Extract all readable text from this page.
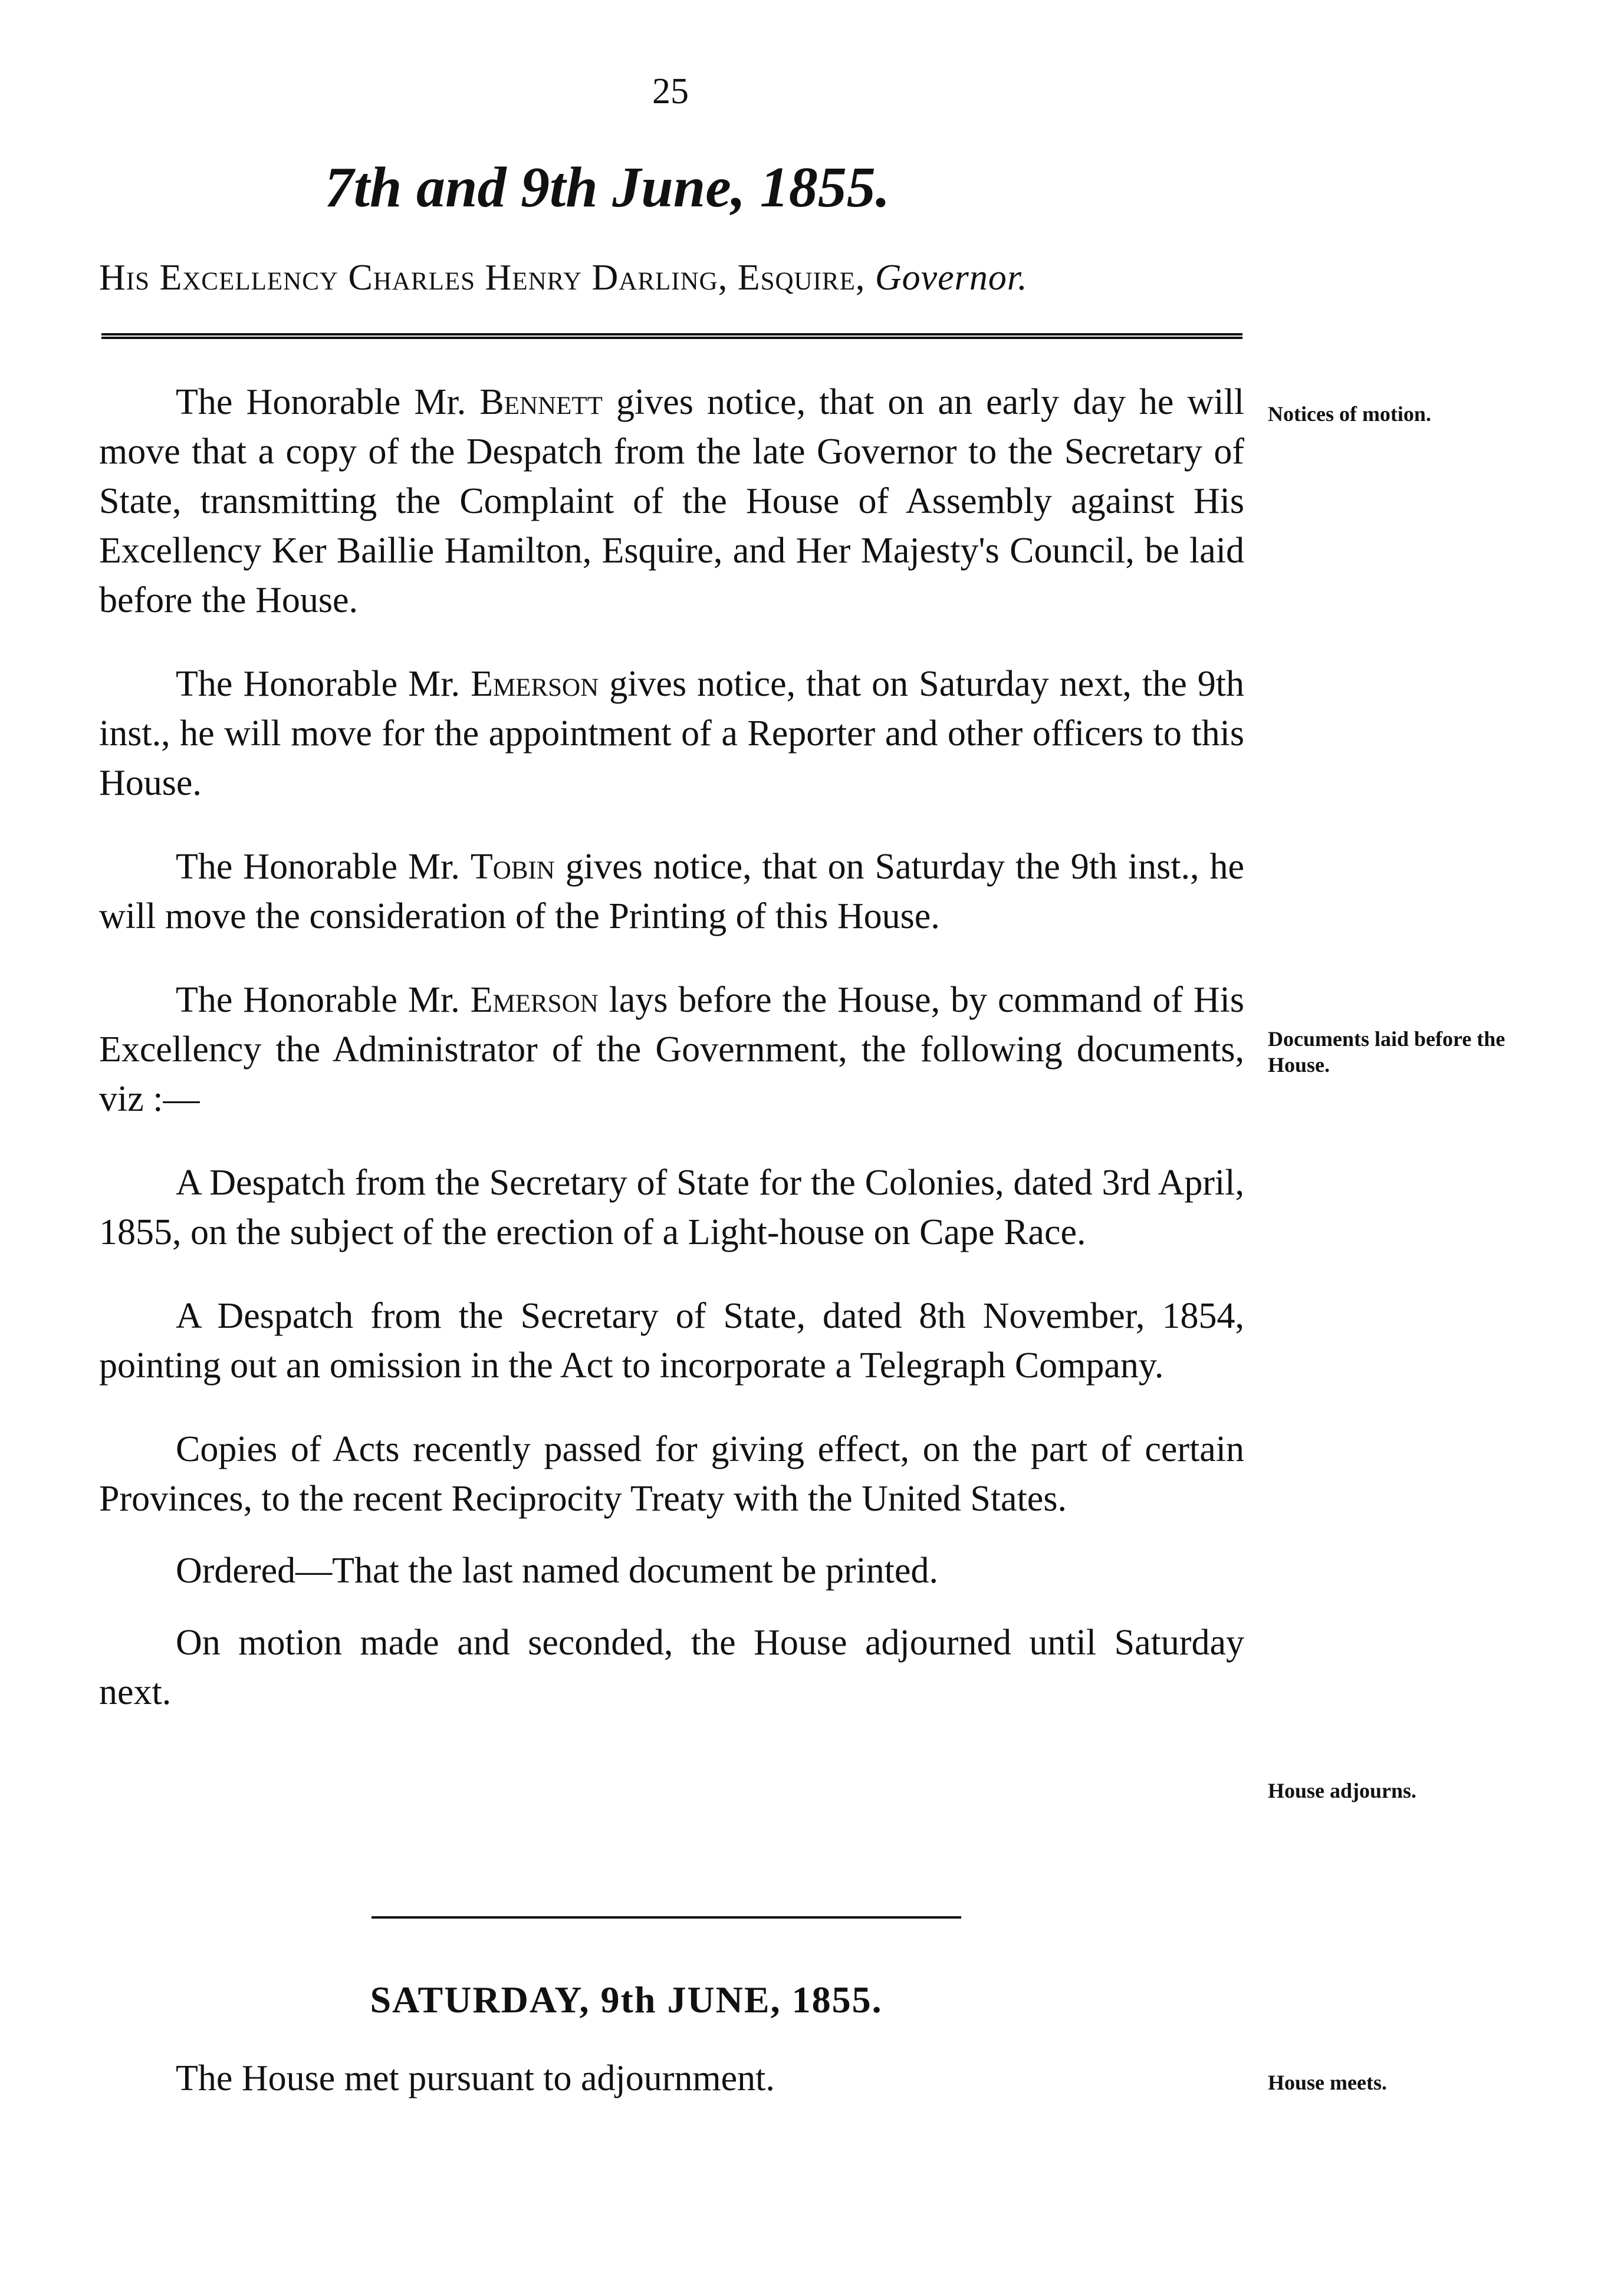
25
7th and 9th June, 1855.
His Excellency Charles Henry Darling, Esquire, Governor.

The Honorable Mr. Bennett gives notice, that on an early day he will move that a copy of the Despatch from the late Governor to the Secretary of State, transmitting the Complaint of the House of Assembly against His Excellency Ker Baillie Hamilton, Esquire, and Her Majesty's Council, be laid before the House.

The Honorable Mr. Emerson gives notice, that on Saturday next, the 9th inst., he will move for the appointment of a Reporter and other officers to this House.

The Honorable Mr. Tobin gives notice, that on Saturday the 9th inst., he will move the consideration of the Printing of this House.

The Honorable Mr. Emerson lays before the House, by command of His Excellency the Administrator of the Government, the following documents, viz :—

A Despatch from the Secretary of State for the Colonies, dated 3rd April, 1855, on the subject of the erection of a Light-house on Cape Race.

A Despatch from the Secretary of State, dated 8th November, 1854, pointing out an omission in the Act to incorporate a Telegraph Company.

Copies of Acts recently passed for giving effect, on the part of certain Provinces, to the recent Reciprocity Treaty with the United States.

Ordered—That the last named document be printed.

On motion made and seconded, the House adjourned until Saturday next.

Notices of motion.
Documents laid before the House.
House adjourns.
House meets.
SATURDAY, 9th JUNE, 1855.
The House met pursuant to adjournment.
